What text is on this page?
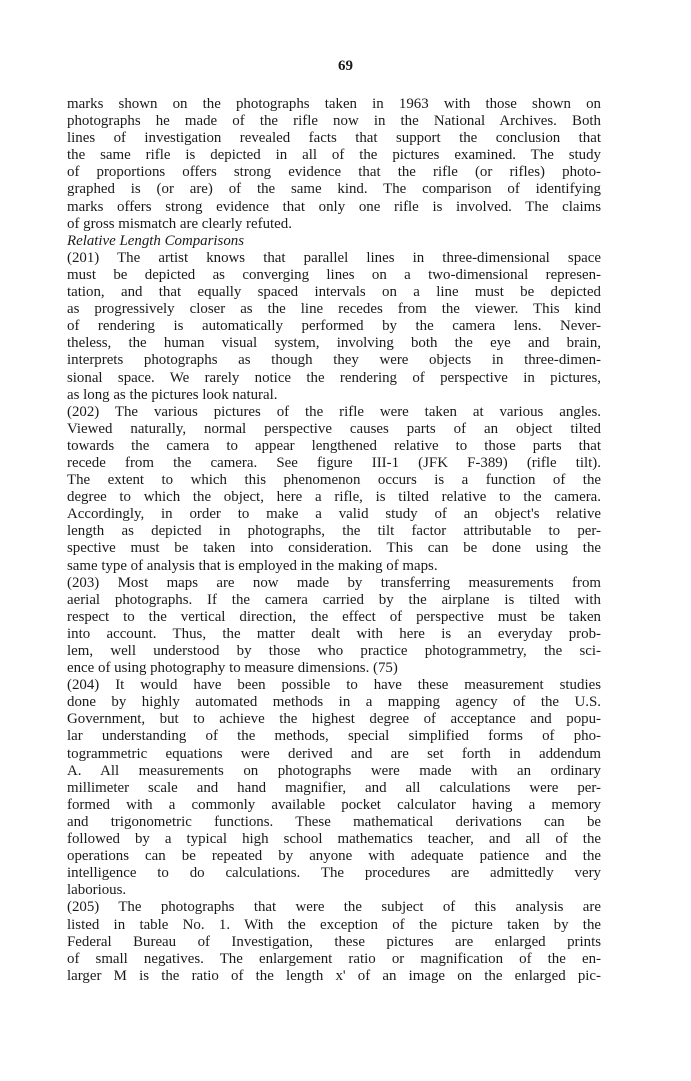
69
marks shown on the photographs taken in 1963 with those shown on
photographs he made of the rifle now in the National Archives. Both
lines of investigation revealed facts that support the conclusion that
the same rifle is depicted in all of the pictures examined. The study
of proportions offers strong evidence that the rifle (or rifles) photo-
graphed is (or are) of the same kind. The comparison of identifying
marks offers strong evidence that only one rifle is involved. The claims
of gross mismatch are clearly refuted.
Relative Length Comparisons
(201) The artist knows that parallel lines in three-dimensional space
must be depicted as converging lines on a two-dimensional represen-
tation, and that equally spaced intervals on a line must be depicted
as progressively closer as the line recedes from the viewer. This kind
of rendering is automatically performed by the camera lens. Never-
theless, the human visual system, involving both the eye and brain,
interprets photographs as though they were objects in three-dimen-
sional space. We rarely notice the rendering of perspective in pictures,
as long as the pictures look natural.
(202) The various pictures of the rifle were taken at various angles.
Viewed naturally, normal perspective causes parts of an object tilted
towards the camera to appear lengthened relative to those parts that
recede from the camera. See figure III-1 (JFK F-389) (rifle tilt).
The extent to which this phenomenon occurs is a function of the
degree to which the object, here a rifle, is tilted relative to the camera.
Accordingly, in order to make a valid study of an object's relative
length as depicted in photographs, the tilt factor attributable to per-
spective must be taken into consideration. This can be done using the
same type of analysis that is employed in the making of maps.
(203) Most maps are now made by transferring measurements from
aerial photographs. If the camera carried by the airplane is tilted with
respect to the vertical direction, the effect of perspective must be taken
into account. Thus, the matter dealt with here is an everyday prob-
lem, well understood by those who practice photogrammetry, the sci-
ence of using photography to measure dimensions. (75)
(204) It would have been possible to have these measurement studies
done by highly automated methods in a mapping agency of the U.S.
Government, but to achieve the highest degree of acceptance and popu-
lar understanding of the methods, special simplified forms of pho-
togrammetric equations were derived and are set forth in addendum
A. All measurements on photographs were made with an ordinary
millimeter scale and hand magnifier, and all calculations were per-
formed with a commonly available pocket calculator having a memory
and trigonometric functions. These mathematical derivations can be
followed by a typical high school mathematics teacher, and all of the
operations can be repeated by anyone with adequate patience and the
intelligence to do calculations. The procedures are admittedly very
laborious.
(205) The photographs that were the subject of this analysis are
listed in table No. 1. With the exception of the picture taken by the
Federal Bureau of Investigation, these pictures are enlarged prints
of small negatives. The enlargement ratio or magnification of the en-
larger M is the ratio of the length x' of an image on the enlarged pic-
